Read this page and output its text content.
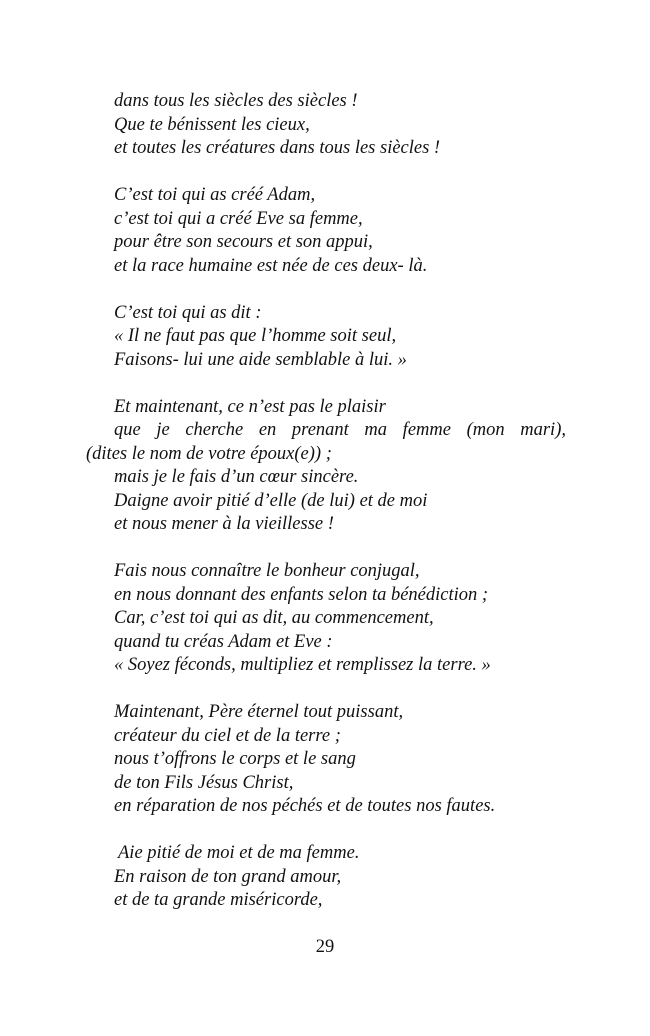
dans tous les siècles des siècles !
Que te bénissent les cieux,
et toutes les créatures dans tous les siècles !
C’est toi qui as créé Adam,
c’est toi qui a créé Eve sa femme,
pour être son secours et son appui,
et la race humaine est née de ces deux- là.
C’est toi qui as dit :
« Il ne faut pas que l’homme soit seul,
Faisons- lui une aide semblable à lui. »
Et maintenant, ce n’est pas le plaisir
que je cherche en prenant ma femme (mon mari),
(dites le nom de votre époux(e)) ;
mais je le fais d’un cœur sincère.
Daigne avoir pitié d’elle (de lui) et de moi
et nous mener à la vieillesse !
Fais nous connaître le bonheur conjugal,
en nous donnant des enfants selon ta bénédiction ;
Car, c’est toi qui as dit, au commencement,
quand tu créas Adam et Eve :
« Soyez féconds, multipliez et remplissez la terre. »
Maintenant, Père éternel tout puissant,
créateur du ciel et de la terre ;
nous t’offrons le corps et le sang
de ton Fils Jésus Christ,
en réparation de nos péchés et de toutes nos fautes.
Aie pitié de moi et de ma femme.
En raison de ton grand amour,
et de ta grande miséricorde,
29
